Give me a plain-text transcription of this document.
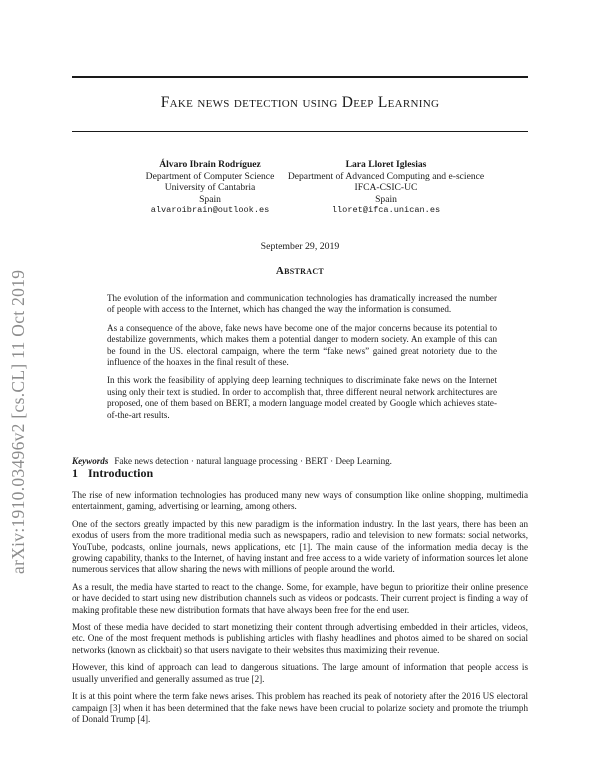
arXiv:1910.03496v2 [cs.CL] 11 Oct 2019
Fake news detection using Deep Learning
Álvaro Ibrain Rodríguez
Department of Computer Science
University of Cantabria
Spain
alvaroibrain@outlook.es
Lara Lloret Iglesias
Department of Advanced Computing and e-science
IFCA-CSIC-UC
Spain
lloret@ifca.unican.es
September 29, 2019
Abstract

The evolution of the information and communication technologies has dramatically increased the number of people with access to the Internet, which has changed the way the information is consumed.

As a consequence of the above, fake news have become one of the major concerns because its potential to destabilize governments, which makes them a potential danger to modern society. An example of this can be found in the US. electoral campaign, where the term “fake news” gained great notoriety due to the influence of the hoaxes in the final result of these.

In this work the feasibility of applying deep learning techniques to discriminate fake news on the Internet using only their text is studied. In order to accomplish that, three different neural network architectures are proposed, one of them based on BERT, a modern language model created by Google which achieves state-of-the-art results.

Keywords Fake news detection · natural language processing · BERT · Deep Learning.
1 Introduction

The rise of new information technologies has produced many new ways of consumption like online shopping, multimedia entertainment, gaming, advertising or learning, among others.

One of the sectors greatly impacted by this new paradigm is the information industry. In the last years, there has been an exodus of users from the more traditional media such as newspapers, radio and television to new formats: social networks, YouTube, podcasts, online journals, news applications, etc [1]. The main cause of the information media decay is the growing capability, thanks to the Internet, of having instant and free access to a wide variety of information sources let alone numerous services that allow sharing the news with millions of people around the world.

As a result, the media have started to react to the change. Some, for example, have begun to prioritize their online presence or have decided to start using new distribution channels such as videos or podcasts. Their current project is finding a way of making profitable these new distribution formats that have always been free for the end user.

Most of these media have decided to start monetizing their content through advertising embedded in their articles, videos, etc. One of the most frequent methods is publishing articles with flashy headlines and photos aimed to be shared on social networks (known as clickbait) so that users navigate to their websites thus maximizing their revenue.

However, this kind of approach can lead to dangerous situations. The large amount of information that people access is usually unverified and generally assumed as true [2].

It is at this point where the term fake news arises. This problem has reached its peak of notoriety after the 2016 US electoral campaign [3] when it has been determined that the fake news have been crucial to polarize society and promote the triumph of Donald Trump [4].
